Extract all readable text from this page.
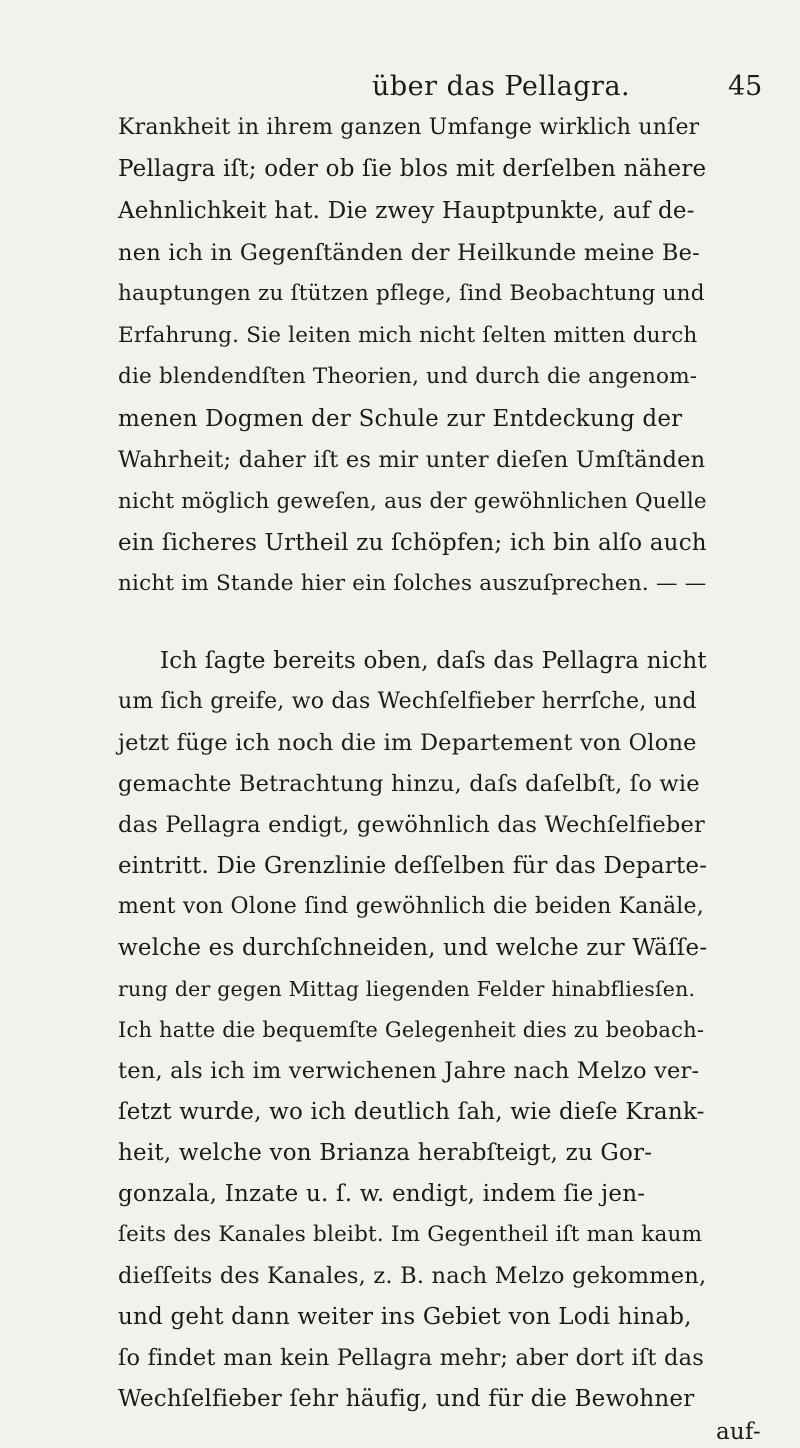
über das Pellagra.	45
Krankheit in ihrem ganzen Umfange wirklich unſer
Pellagra iſt; oder ob ſie blos mit derſelben nähere
Aehnlichkeit hat. Die zwey Hauptpunkte, auf de-
nen ich in Gegenſtänden der Heilkunde meine Be-
hauptungen zu ſtützen pflege, ſind Beobachtung und
Erfahrung. Sie leiten mich nicht ſelten mitten durch
die blendendſten Theorien, und durch die angenom-
menen Dogmen der Schule zur Entdeckung der
Wahrheit; daher iſt es mir unter dieſen Umſtänden
nicht möglich geweſen, aus der gewöhnlichen Quelle
ein ſicheres Urtheil zu ſchöpfen; ich bin alſo auch
nicht im Stande hier ein ſolches auszuſprechen. — —
Ich ſagte bereits oben, daſs das Pellagra nicht
um ſich greife, wo das Wechſelfieber herrſche, und
jetzt füge ich noch die im Departement von Olone
gemachte Betrachtung hinzu, daſs daſelbſt, ſo wie
das Pellagra endigt, gewöhnlich das Wechſelfieber
eintritt. Die Grenzlinie deſſelben für das Departe-
ment von Olone ſind gewöhnlich die beiden Kanäle,
welche es durchſchneiden, und welche zur Wäſſe-
rung der gegen Mittag liegenden Felder hinabfliesſen.
Ich hatte die bequemſte Gelegenheit dies zu beobach-
ten, als ich im verwichenen Jahre nach Melzo ver-
ſetzt wurde, wo ich deutlich ſah, wie dieſe Krank-
heit, welche von Brianza herabſteigt, zu Gor-
gonzala, Inzate u. ſ. w. endigt, indem ſie jen-
ſeits des Kanales bleibt. Im Gegentheil iſt man kaum
dieſſeits des Kanales, z. B. nach Melzo gekommen,
und geht dann weiter ins Gebiet von Lodi hinab,
ſo findet man kein Pellagra mehr; aber dort iſt das
Wechſelfieber ſehr häufig, und für die Bewohner
auf-
